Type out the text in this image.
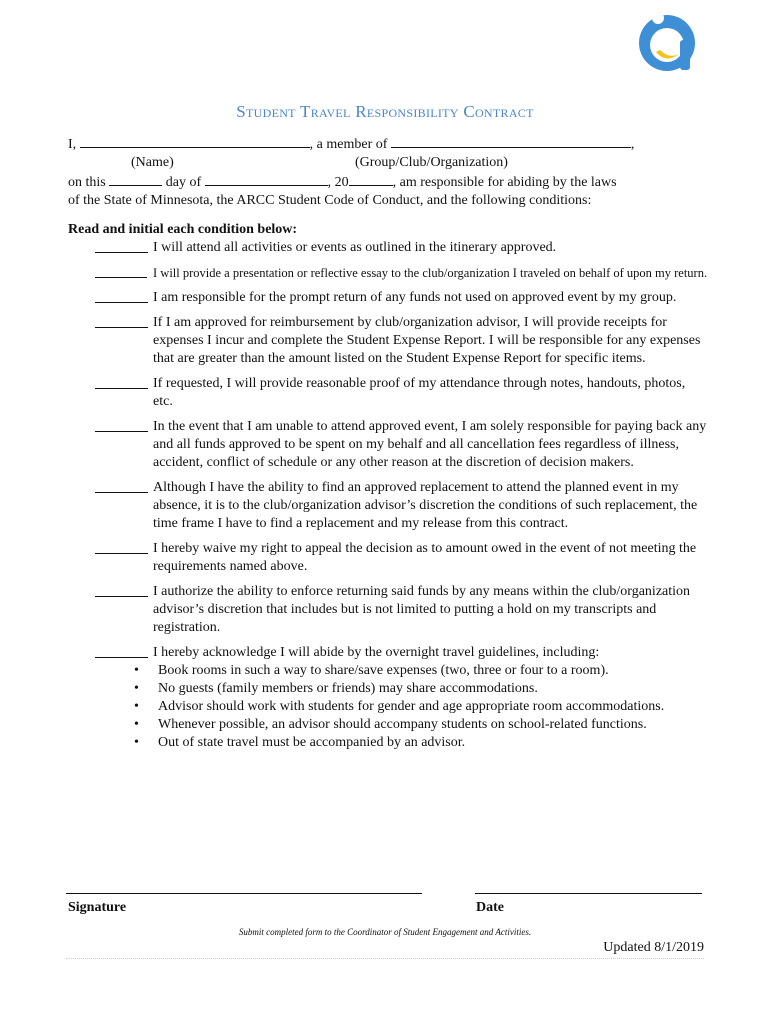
Student Travel Responsibility Contract
I,	, a member of	,
(Name)	(Group/Club/Organization)
on this	day of	, 20	, am responsible for abiding by the laws
of the State of Minnesota, the ARCC Student Code of Conduct, and the following conditions:
Read and initial each condition below:
I will attend all activities or events as outlined in the itinerary approved.
I will provide a presentation or reflective essay to the club/organization I traveled on behalf of upon my return.
I am responsible for the prompt return of any funds not used on approved event by my group.
If I am approved for reimbursement by club/organization advisor, I will provide receipts for expenses I incur and complete the Student Expense Report. I will be responsible for any expenses that are greater than the amount listed on the Student Expense Report for specific items.
If requested, I will provide reasonable proof of my attendance through notes, handouts, photos, etc.
In the event that I am unable to attend approved event, I am solely responsible for paying back any and all funds approved to be spent on my behalf and all cancellation fees regardless of illness, accident, conflict of schedule or any other reason at the discretion of decision makers.
Although I have the ability to find an approved replacement to attend the planned event in my absence, it is to the club/organization advisor’s discretion the conditions of such replacement, the time frame I have to find a replacement and my release from this contract.
I hereby waive my right to appeal the decision as to amount owed in the event of not meeting the requirements named above.
I authorize the ability to enforce returning said funds by any means within the club/organization advisor’s discretion that includes but is not limited to putting a hold on my transcripts and registration.
I hereby acknowledge I will abide by the overnight travel guidelines, including:
• Book rooms in such a way to share/save expenses (two, three or four to a room).
• No guests (family members or friends) may share accommodations.
• Advisor should work with students for gender and age appropriate room accommodations.
• Whenever possible, an advisor should accompany students on school-related functions.
• Out of state travel must be accompanied by an advisor.
Signature	Date
Submit completed form to the Coordinator of Student Engagement and Activities.
Updated 8/1/2019
